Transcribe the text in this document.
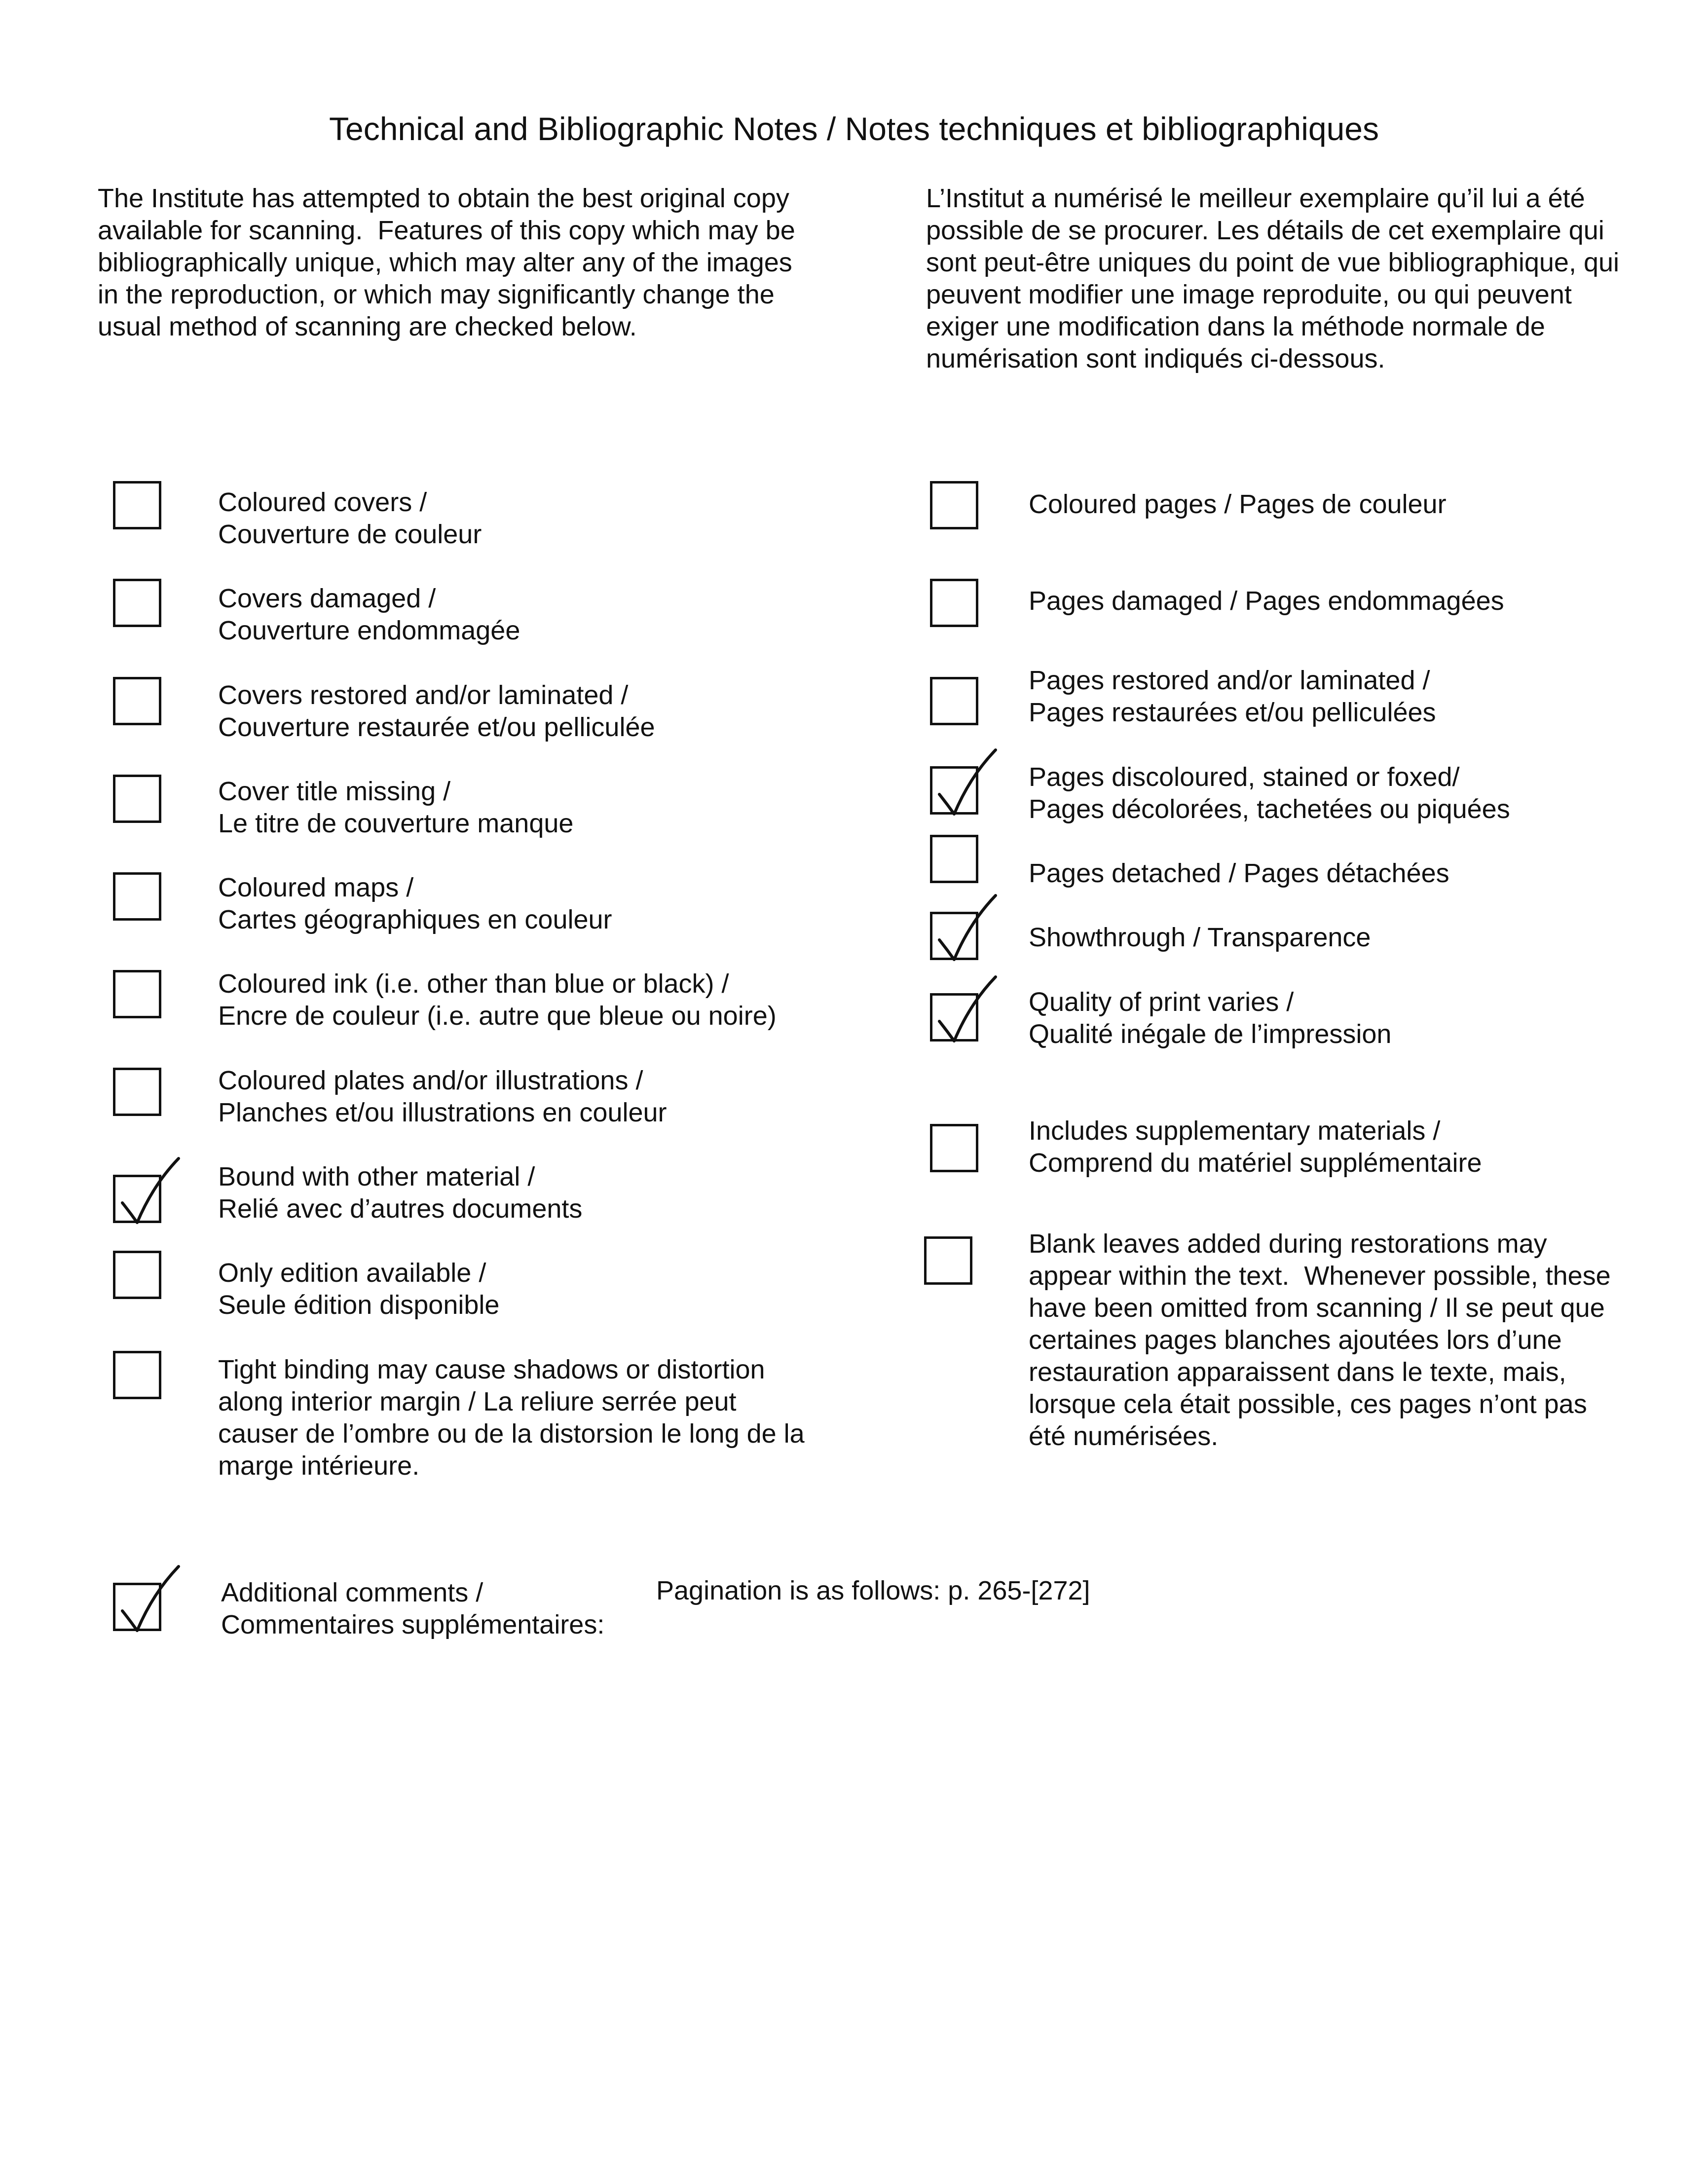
Technical and Bibliographic Notes / Notes techniques et bibliographiques
The Institute has attempted to obtain the best original copy
available for scanning.  Features of this copy which may be
bibliographically unique, which may alter any of the images
in the reproduction, or which may significantly change the
usual method of scanning are checked below.
L’Institut a numérisé le meilleur exemplaire qu’il lui a été
possible de se procurer. Les détails de cet exemplaire qui
sont peut-être uniques du point de vue bibliographique, qui
peuvent modifier une image reproduite, ou qui peuvent
exiger une modification dans la méthode normale de
numérisation sont indiqués ci-dessous.
Coloured covers /
Couverture de couleur
Covers damaged /
Couverture endommagée
Covers restored and/or laminated /
Couverture restaurée et/ou pelliculée
Cover title missing /
Le titre de couverture manque
Coloured maps /
Cartes géographiques en couleur
Coloured ink (i.e. other than blue or black) /
Encre de couleur (i.e. autre que bleue ou noire)
Coloured plates and/or illustrations /
Planches et/ou illustrations en couleur
Bound with other material /
Relié avec d’autres documents
Only edition available /
Seule édition disponible
Tight binding may cause shadows or distortion
along interior margin / La reliure serrée peut
causer de l’ombre ou de la distorsion le long de la
marge intérieure.
Coloured pages / Pages de couleur
Pages damaged / Pages endommagées
Pages restored and/or laminated /
Pages restaurées et/ou pelliculées
Pages discoloured, stained or foxed/
Pages décolorées, tachetées ou piquées
Pages detached / Pages détachées
Showthrough / Transparence
Quality of print varies /
Qualité inégale de l’impression
Includes supplementary materials /
Comprend du matériel supplémentaire
Blank leaves added during restorations may
appear within the text.  Whenever possible, these
have been omitted from scanning / Il se peut que
certaines pages blanches ajoutées lors d’une
restauration apparaissent dans le texte, mais,
lorsque cela était possible, ces pages n’ont pas
été numérisées.
Additional comments /
Commentaires supplémentaires:
Pagination is as follows: p. 265-[272]
